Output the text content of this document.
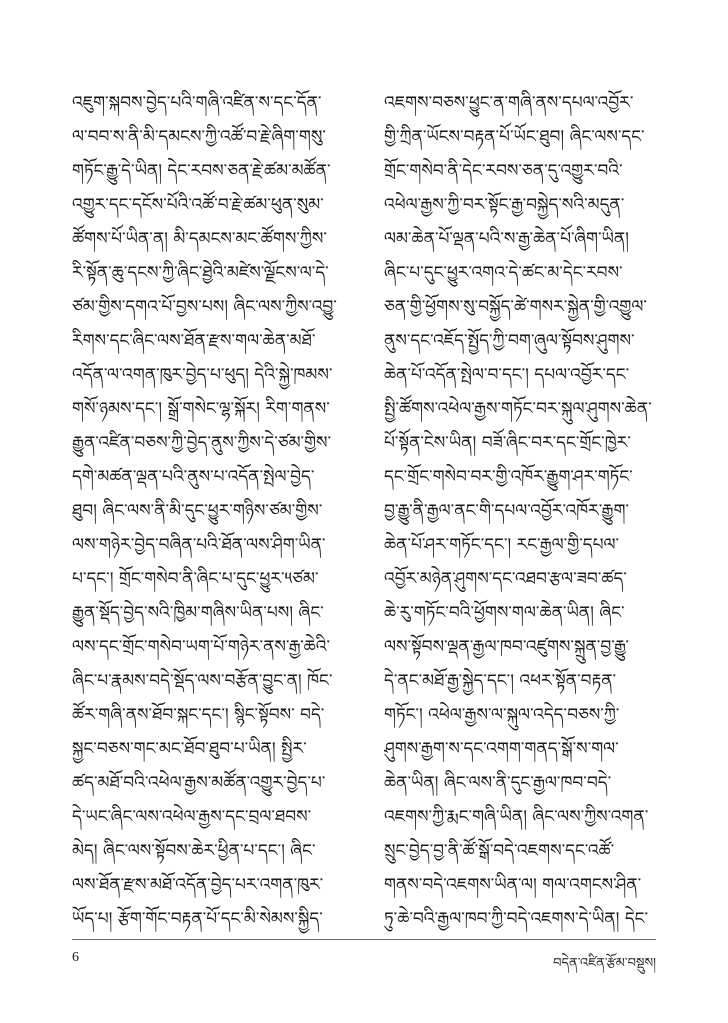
འཇུག་སྐབས་བྱེད་པའི་གཞི་འཛིན་ས་དང་དོན་
ལ་བབ་ས་ནི་མི་དམངས་ཀྱི་འཚོ་བ་རྗེ་ཞིག་གསུ་
གཏོང་རྒྱུ་དེ་ཡིན། དེང་རབས་ཅན་རྗེ་ཚམ་མཚོན་
འགྱུར་དང་དངོས་པོའི་འཚོ་བ་རྗེ་ཚམ་ཕུན་སུམ་
ཚོགས་པོ་ཡིན་ན། མི་དམངས་མང་ཚོགས་ཀྱིས་
རི་སྟོན་ཆུ་དངས་ཀྱི་ཞིང་ཐྱེའི་མཛེས་ལྗོངས་ལ་དེ་
ཙམ་གྱིས་དགའ་པོ་བྱས་པས། ཞིང་ལས་ཀྱིས་འབྱུ་
རིགས་དང་ཞིང་ལས་ཐོན་རྫས་གལ་ཆེན་མཐོ་
འདོན་ལ་འགན་ཁུར་བྱེད་པ་ཕུད། དེའི་སྐྱེ་ཁམས་
གསོ་ཉམས་དང་། སྒྲོ་གསེང་ལྷ་སྐོར། རིག་གནས་
རྒྱུན་འཛིན་བཅས་ཀྱི་བྱེད་ནུས་ཀྱིས་དེ་ཙམ་གྱིས་
དགེ་མཚན་ལྡན་པའི་ནུས་པ་འདོན་སྤེལ་བྱེད་
ཐུབ། ཞིང་ལས་ནི་མི་དུང་ཕྱུར་གཉིས་ཙམ་གྱིས་
ལས་གཉེར་བྱེད་བཞིན་པའི་ཐོན་ལས་ཤིག་ཡིན་
པ་དང་། གྲོང་གསེབ་ནི་ཞིང་པ་དུང་ཕྱུར་༥ཙམ་
རྒྱུན་སྡོད་བྱེད་སའི་ཁྱིམ་གཞིས་ཡིན་པས། ཞིང་
ལས་དང་གྲོང་གསེབ་ཡག་པོ་གཉེར་ནས་རྒྱ་ཆེའི་
ཞིང་པ་རྣམས་བདེ་སྡོད་ལས་བརྩོན་བྱུང་ན། ཁོང་
ཚོར་གཞི་ནས་ཐོབ་སྐང་དང་། སྙིང་སྟོབས་ བདེ་
སྐྱང་བཅས་གང་མང་ཐོབ་ཐུབ་པ་ཡིན། སྤྱིར་
ཚད་མཐོ་བའི་འཕེལ་རྒྱས་མཚོན་འགྱུར་བྱེད་པ་
དེ་ཡང་ཞིང་ལས་འཕེལ་རྒྱས་དང་བྲལ་ཐབས་
མེད། ཞིང་ལས་སྟོབས་ཆེར་ཕྱིན་པ་དང་། ཞིང་
ལས་ཐོན་རྫས་མཐོ་འདོན་བྱེད་པར་འགན་ཁུར་
ཡོད་པ། རྩོག་གོང་བརྟན་པོ་དང་མི་སེམས་སྐྱིད་
འཇགས་བཅས་ཕྱུང་ན་གཞི་ནས་དཔལ་འབྱོར་
གྱི་ཀྲིན་ཡོངས་བརྟན་པོ་ཡོང་ཐུབ། ཞིང་ལས་དང་
གྲོང་གསེབ་ནི་དེང་རབས་ཅན་དུ་འགྱུར་བའི་
འཕེལ་རྒྱས་ཀྱི་བར་སྟོང་རྒྱ་བསྐྱེད་སའི་མདུན་
ལམ་ཆེན་པོ་ལྡན་པའི་ས་རྒྱ་ཆེན་པོ་ཞིག་ཡིན།
ཞིང་པ་དུང་ཕྱུར་འགའ་དེ་ཚང་མ་དེང་རབས་
ཅན་གྱི་ཕྱོགས་སུ་བསྐྱོད་ཚེ་གསར་སྐྱེན་གྱི་འགྱུལ་
ནུས་དང་འཇོད་སྤྱོད་ཀྱི་བག་ཞུལ་སྟོབས་ཤུགས་
ཆེན་པོ་འདོན་སྤེལ་བ་དང་། དཔལ་འབྱོར་དང་
སྤྱི་ཚོགས་འཕེལ་རྒྱས་གཏོང་བར་སྐུལ་ཤུགས་ཆེན་
པོ་སྟོན་ངེས་ཡིན། བཟོ་ཞིང་བར་དང་གྲོང་ཁྱེར་
དང་གྲོང་གསེབ་བར་གྱི་འཁོར་རྒྱུག་ཤར་གཏོང་
བྱ་རྒྱུ་ནི་རྒྱལ་ནང་གི་དཔལ་འབྱོར་འཁོར་རྒྱུག་
ཆེན་པོ་ཤར་གཏོང་དང་། རང་རྒྱལ་གྱི་དཔལ་
འབྱོར་མཉེན་ཤུགས་དང་འཐབ་རྩལ་ཟབ་ཚད་
ཆེ་རུ་གཏོང་བའི་ཕྱོགས་གལ་ཆེན་ཡིན། ཞིང་
ལས་སྟོབས་ལྡན་རྒྱལ་ཁབ་འཛུགས་སྐྲུན་བྱ་རྒྱུ་
དེ་ནང་མཐོ་རྒྱ་སྐྱེད་དང་། འཕར་སྟོན་བརྟན་
གཏོང་། འཕེལ་རྒྱས་ལ་སྐུལ་འདེད་བཅས་ཀྱི་
ཤུགས་རྒྱག་ས་དང་འགག་གནད་སྒོ་ས་གལ་
ཆེན་ཡིན། ཞིང་ལས་ནི་དུང་རྒྱལ་ཁབ་བདེ་
འཇགས་ཀྱི་རྨང་གཞི་ཡིན། ཞིང་ལས་ཀྱིས་འགན་
སྲུང་བྱེད་བྱ་ནི་ཚོ་སྒོ་བདེ་འཇགས་དང་འཚོ་
གནས་བདེ་འཇགས་ཡིན་ལ། གལ་འགངས་ཤིན་
ཏུ་ཆེ་བའི་རྒྱལ་ཁབ་ཀྱི་བདེ་འཇགས་དེ་ཡིན། དེང་
6	བདེན་འཛིན་རྩོམ་བསྡུས།
